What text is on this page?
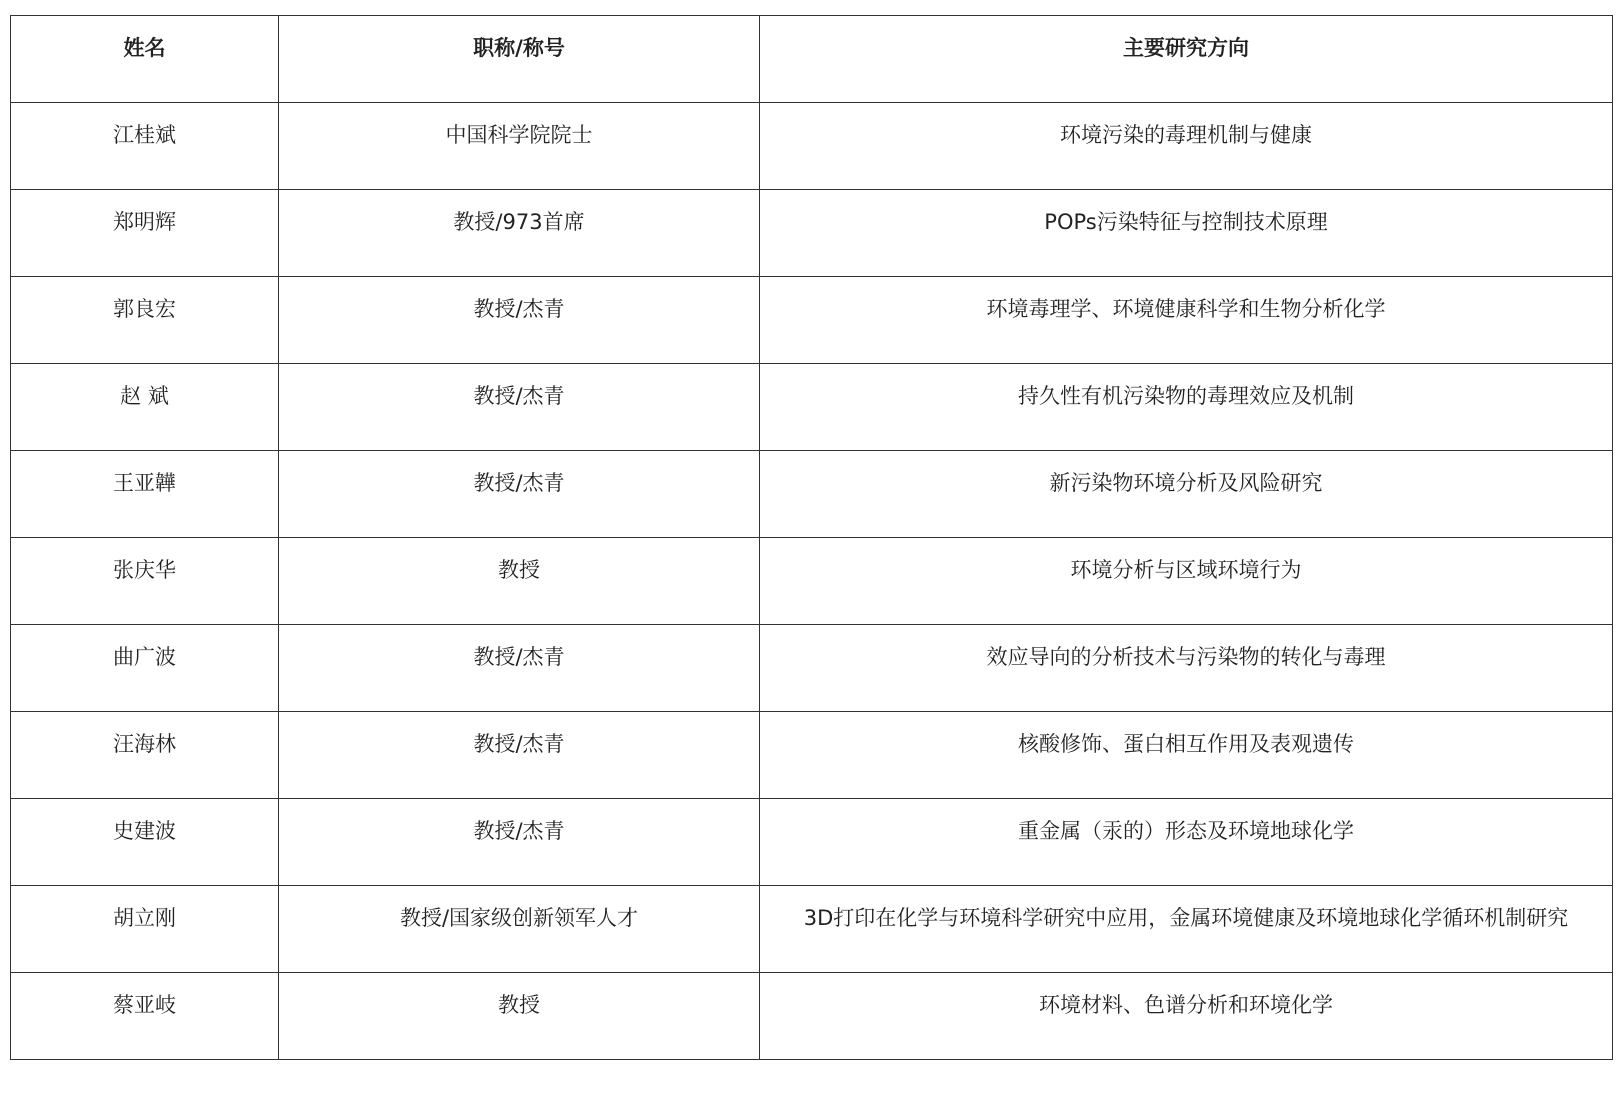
姓名	职称/称号	主要研究方向
江桂斌	中国科学院院士	环境污染的毒理机制与健康
郑明辉	教授/973首席	POPs污染特征与控制技术原理
郭良宏	教授/杰青	环境毒理学、环境健康科学和生物分析化学
赵 斌	教授/杰青	持久性有机污染物的毒理效应及机制
王亚韡	教授/杰青	新污染物环境分析及风险研究
张庆华	教授	环境分析与区域环境行为
曲广波	教授/杰青	效应导向的分析技术与污染物的转化与毒理
汪海林	教授/杰青	核酸修饰、蛋白相互作用及表观遗传
史建波	教授/杰青	重金属（汞的）形态及环境地球化学
胡立刚	教授/国家级创新领军人才	3D打印在化学与环境科学研究中应用，金属环境健康及环境地球化学循环机制研究
蔡亚岐	教授	环境材料、色谱分析和环境化学
